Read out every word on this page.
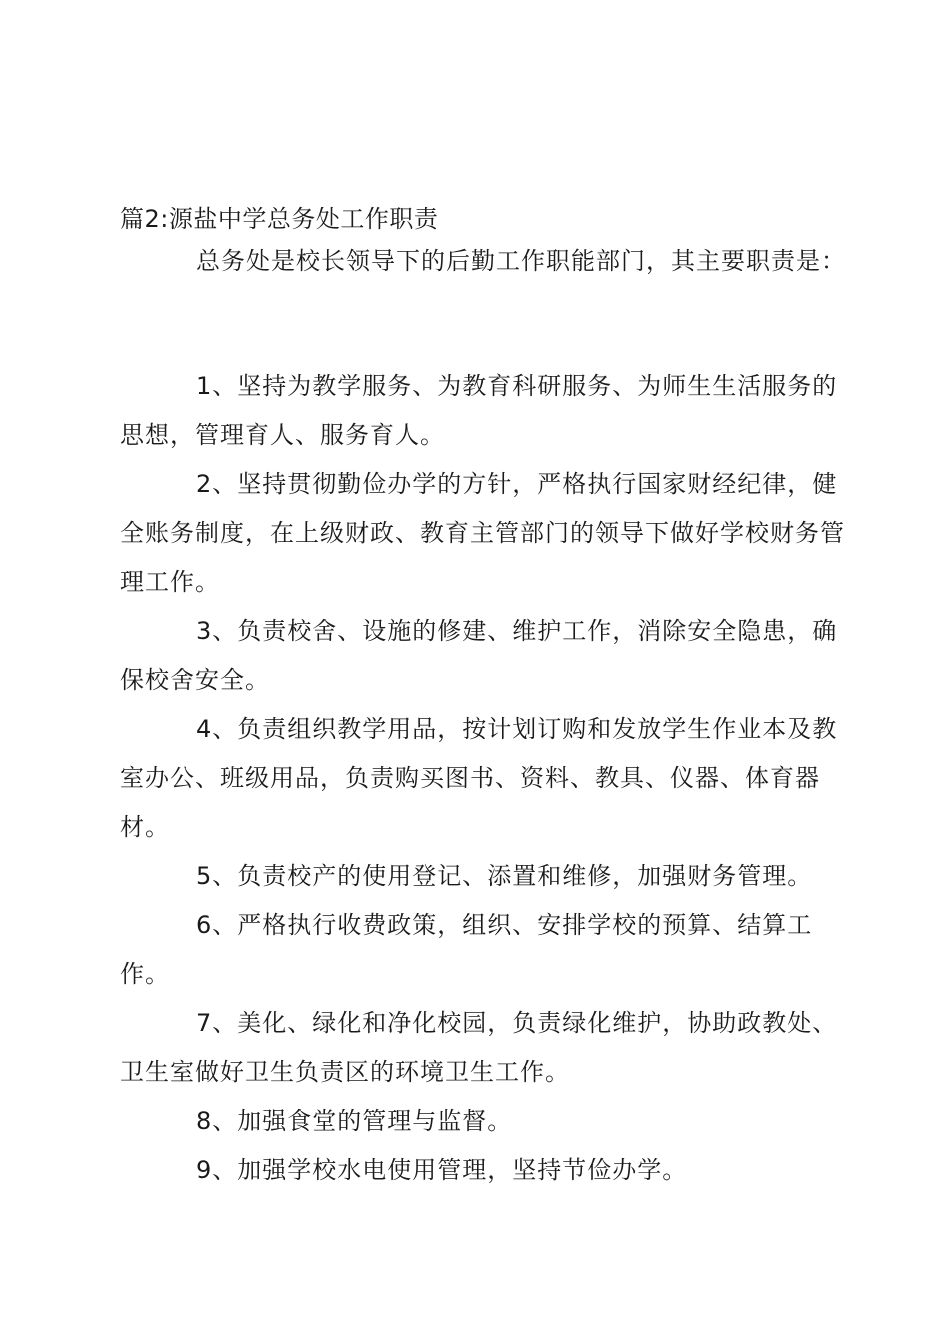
篇2:源盐中学总务处工作职责
总务处是校长领导下的后勤工作职能部门，其主要职责是：

1、坚持为教学服务、为教育科研服务、为师生生活服务的思想，管理育人、服务育人。

2、坚持贯彻勤俭办学的方针，严格执行国家财经纪律，健全账务制度，在上级财政、教育主管部门的领导下做好学校财务管理工作。

3、负责校舍、设施的修建、维护工作，消除安全隐患，确保校舍安全。

4、负责组织教学用品，按计划订购和发放学生作业本及教室办公、班级用品，负责购买图书、资料、教具、仪器、体育器材。

5、负责校产的使用登记、添置和维修，加强财务管理。

6、严格执行收费政策，组织、安排学校的预算、结算工作。

7、美化、绿化和净化校园，负责绿化维护，协助政教处、卫生室做好卫生负责区的环境卫生工作。

8、加强食堂的管理与监督。

9、加强学校水电使用管理，坚持节俭办学。
